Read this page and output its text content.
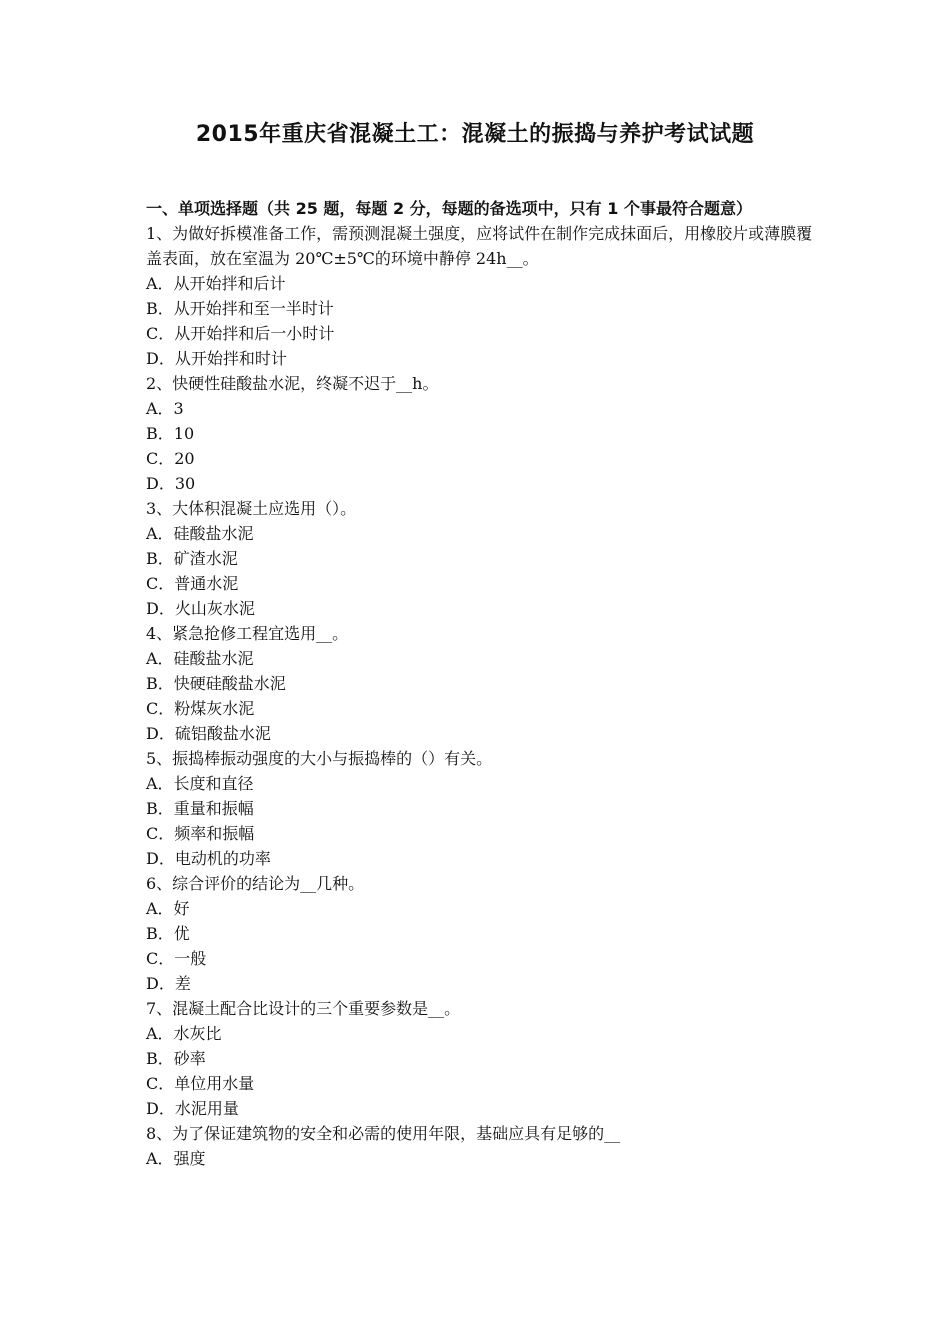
2015年重庆省混凝土工：混凝土的振捣与养护考试试题
一、单项选择题（共 25 题，每题 2 分，每题的备选项中，只有 1 个事最符合题意）
1、为做好拆模准备工作，需预测混凝土强度，应将试件在制作完成抹面后，用橡胶片或薄膜覆盖表面，放在室温为 20℃±5℃的环境中静停 24h__。
A．从开始拌和后计
B．从开始拌和至一半时计
C．从开始拌和后一小时计
D．从开始拌和时计
2、快硬性硅酸盐水泥，终凝不迟于__h。
A．3
B．10
C．20
D．30
3、大体积混凝土应选用（）。
A．硅酸盐水泥
B．矿渣水泥
C．普通水泥
D．火山灰水泥
4、紧急抢修工程宜选用__。
A．硅酸盐水泥
B．快硬硅酸盐水泥
C．粉煤灰水泥
D．硫铝酸盐水泥
5、振捣棒振动强度的大小与振捣棒的（）有关。
A．长度和直径
B．重量和振幅
C．频率和振幅
D．电动机的功率
6、综合评价的结论为__几种。
A．好
B．优
C．一般
D．差
7、混凝土配合比设计的三个重要参数是__。
A．水灰比
B．砂率
C．单位用水量
D．水泥用量
8、为了保证建筑物的安全和必需的使用年限，基础应具有足够的__
A．强度
